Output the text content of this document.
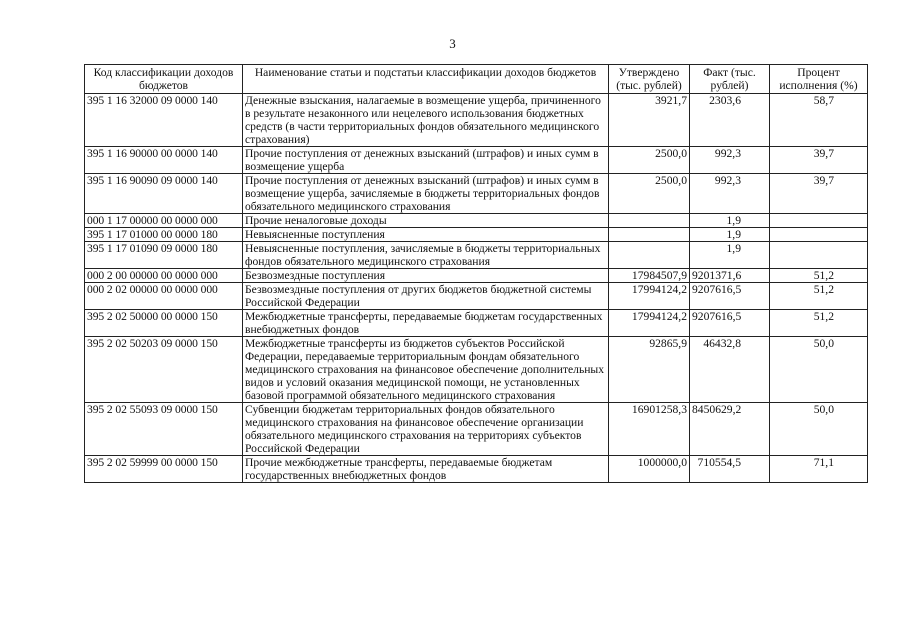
3
Код классификации доходов бюджетов	Наименование статьи и подстатьи классификации доходов бюджетов	Утверждено (тыс. рублей)	Факт (тыс. рублей)	Процент исполнения (%)
395 1 16 32000 09 0000 140	Денежные взыскания, налагаемые в возмещение ущерба, причиненного в результате незаконного или нецелевого использования бюджетных средств (в части территориальных фондов обязательного медицинского страхования)	3921,7	2303,6	58,7
395 1 16 90000 00 0000 140	Прочие поступления от денежных взысканий (штрафов) и иных сумм в возмещение ущерба	2500,0	992,3	39,7
395 1 16 90090 09 0000 140	Прочие поступления от денежных взысканий (штрафов) и иных сумм в возмещение ущерба, зачисляемые в бюджеты территориальных фондов обязательного медицинского страхования	2500,0	992,3	39,7
000 1 17 00000 00 0000 000	Прочие неналоговые доходы		1,9	
395 1 17 01000 00 0000 180	Невыясненные поступления		1,9	
395 1 17 01090 09 0000 180	Невыясненные поступления, зачисляемые в бюджеты территориальных фондов обязательного медицинского страхования		1,9	
000 2 00 00000 00 0000 000	Безвозмездные поступления	17984507,9	9201371,6	51,2
000 2 02 00000 00 0000 000	Безвозмездные поступления от других бюджетов бюджетной системы Российской Федерации	17994124,2	9207616,5	51,2
395 2 02 50000 00 0000 150	Межбюджетные трансферты, передаваемые бюджетам государственных внебюджетных фондов	17994124,2	9207616,5	51,2
395 2 02 50203 09 0000 150	Межбюджетные трансферты из бюджетов субъектов Российской Федерации, передаваемые территориальным фондам обязательного медицинского страхования на финансовое обеспечение дополнительных видов и условий оказания медицинской помощи, не установленных базовой программой обязательного медицинского страхования	92865,9	46432,8	50,0
395 2 02 55093 09 0000 150	Субвенции бюджетам территориальных фондов обязательного медицинского страхования на финансовое обеспечение организации обязательного медицинского страхования на территориях субъектов Российской Федерации	16901258,3	8450629,2	50,0
395 2 02 59999 00 0000 150	Прочие межбюджетные трансферты, передаваемые бюджетам государственных внебюджетных фондов	1000000,0	710554,5	71,1
